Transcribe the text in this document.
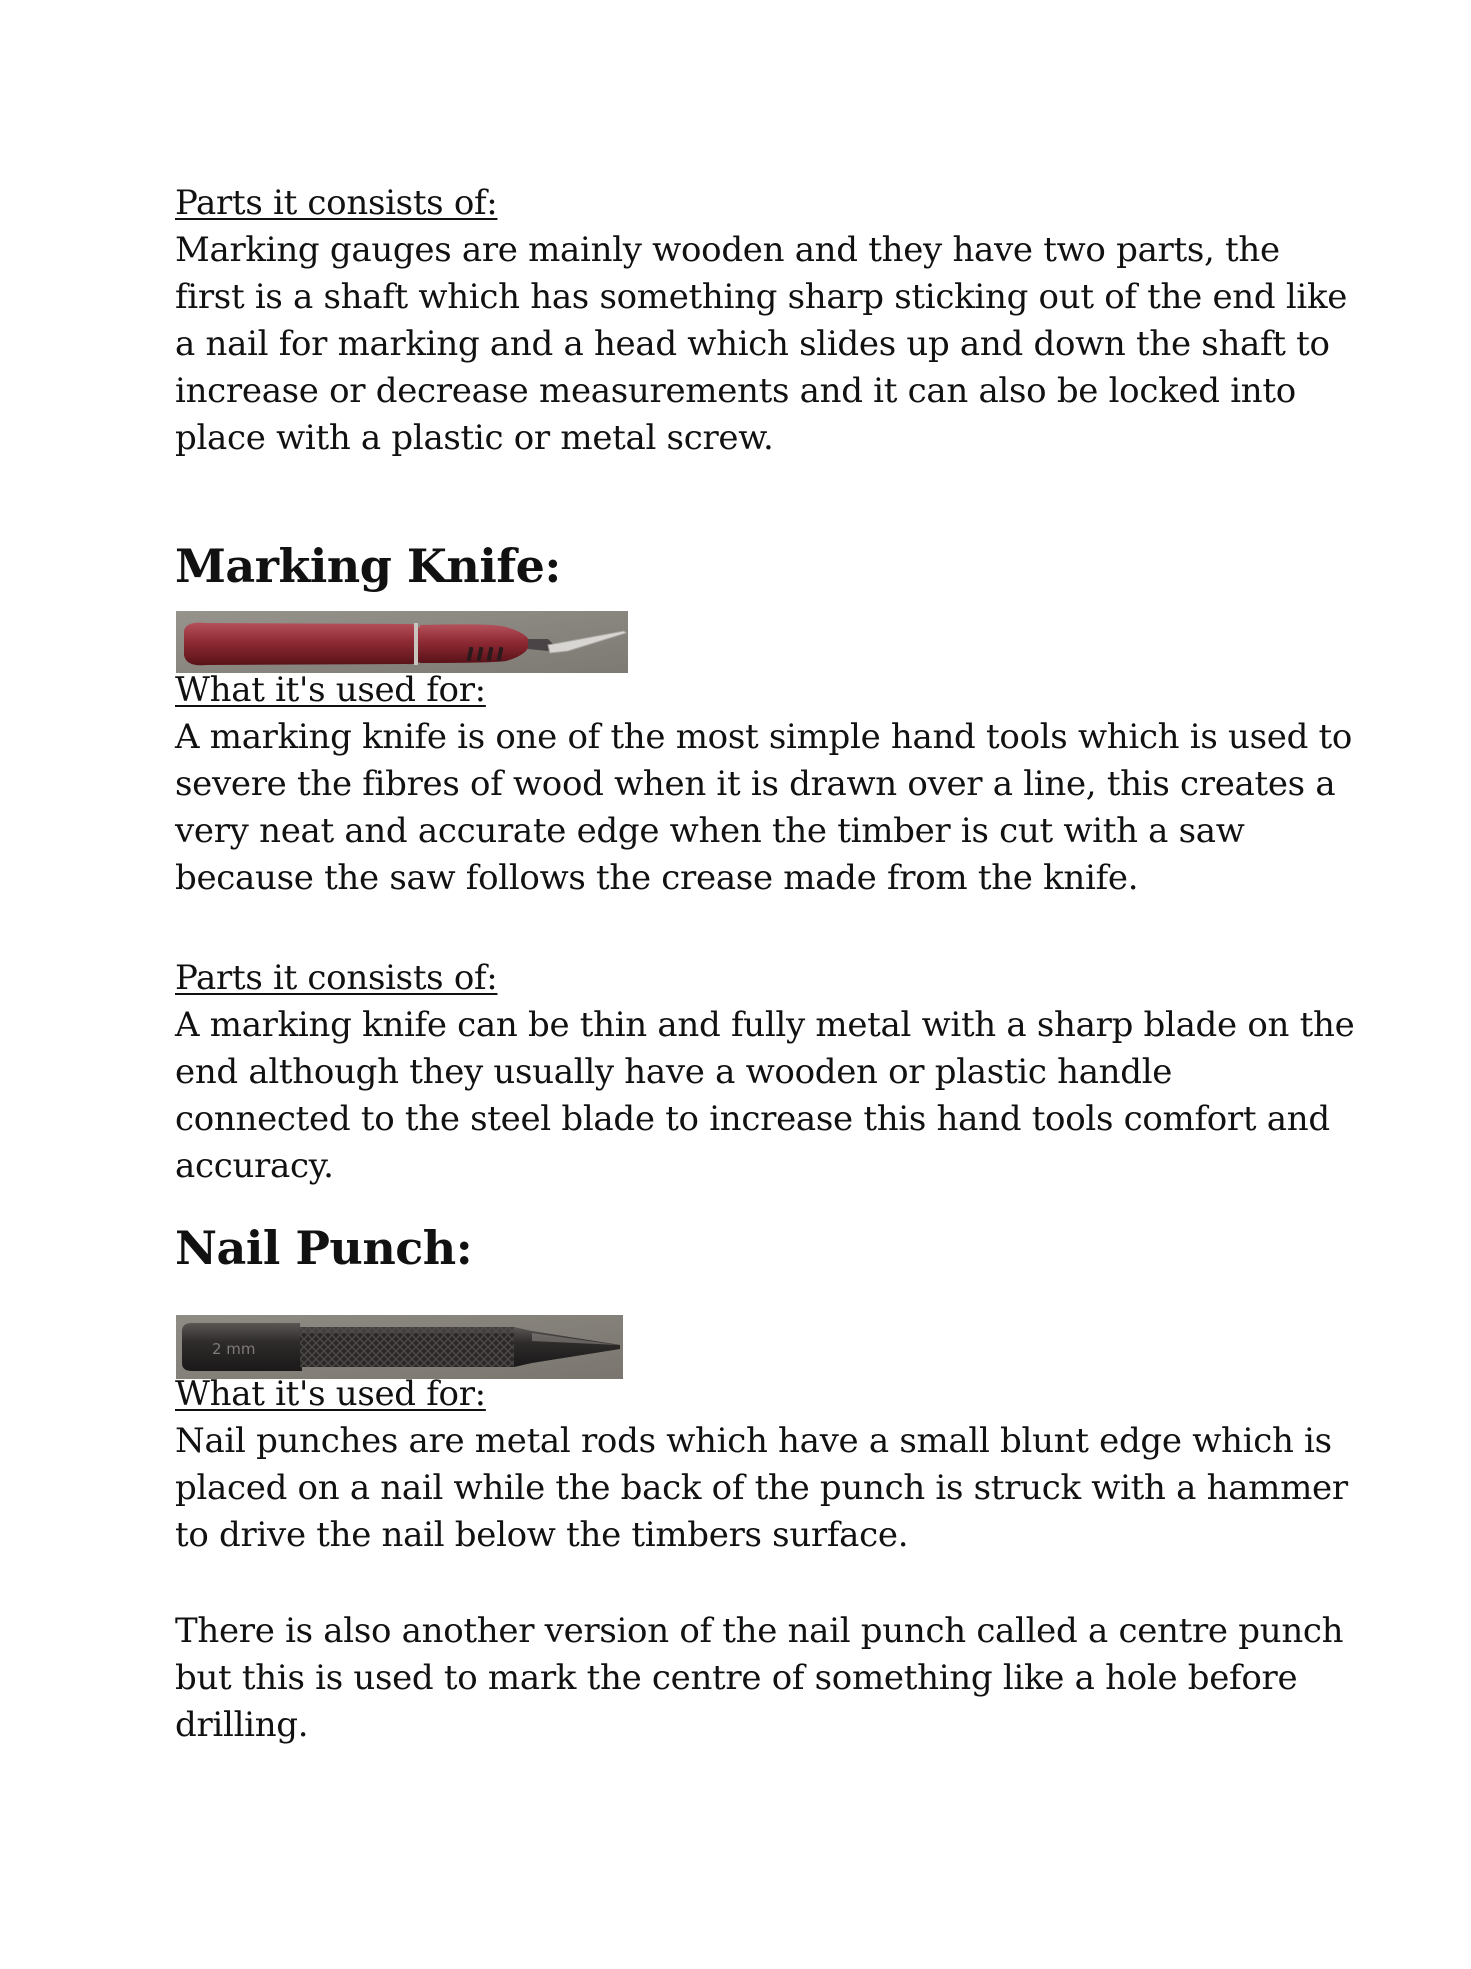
Parts it consists of:

Marking gauges are mainly wooden and they have two parts, the first is a shaft which has something sharp sticking out of the end like a nail for marking and a head which slides up and down the shaft to increase or decrease measurements and it can also be locked into place with a plastic or metal screw.

Marking Knife:

What it's used for:

A marking knife is one of the most simple hand tools which is used to severe the fibres of wood when it is drawn over a line, this creates a very neat and accurate edge when the timber is cut with a saw because the saw follows the crease made from the knife.

Parts it consists of:

A marking knife can be thin and fully metal with a sharp blade on the end although they usually have a wooden or plastic handle connected to the steel blade to increase this hand tools comfort and accuracy.

Nail Punch:
2 mm

What it's used for:

Nail punches are metal rods which have a small blunt edge which is placed on a nail while the back of the punch is struck with a hammer to drive the nail below the timbers surface.

There is also another version of the nail punch called a centre punch but this is used to mark the centre of something like a hole before drilling.
